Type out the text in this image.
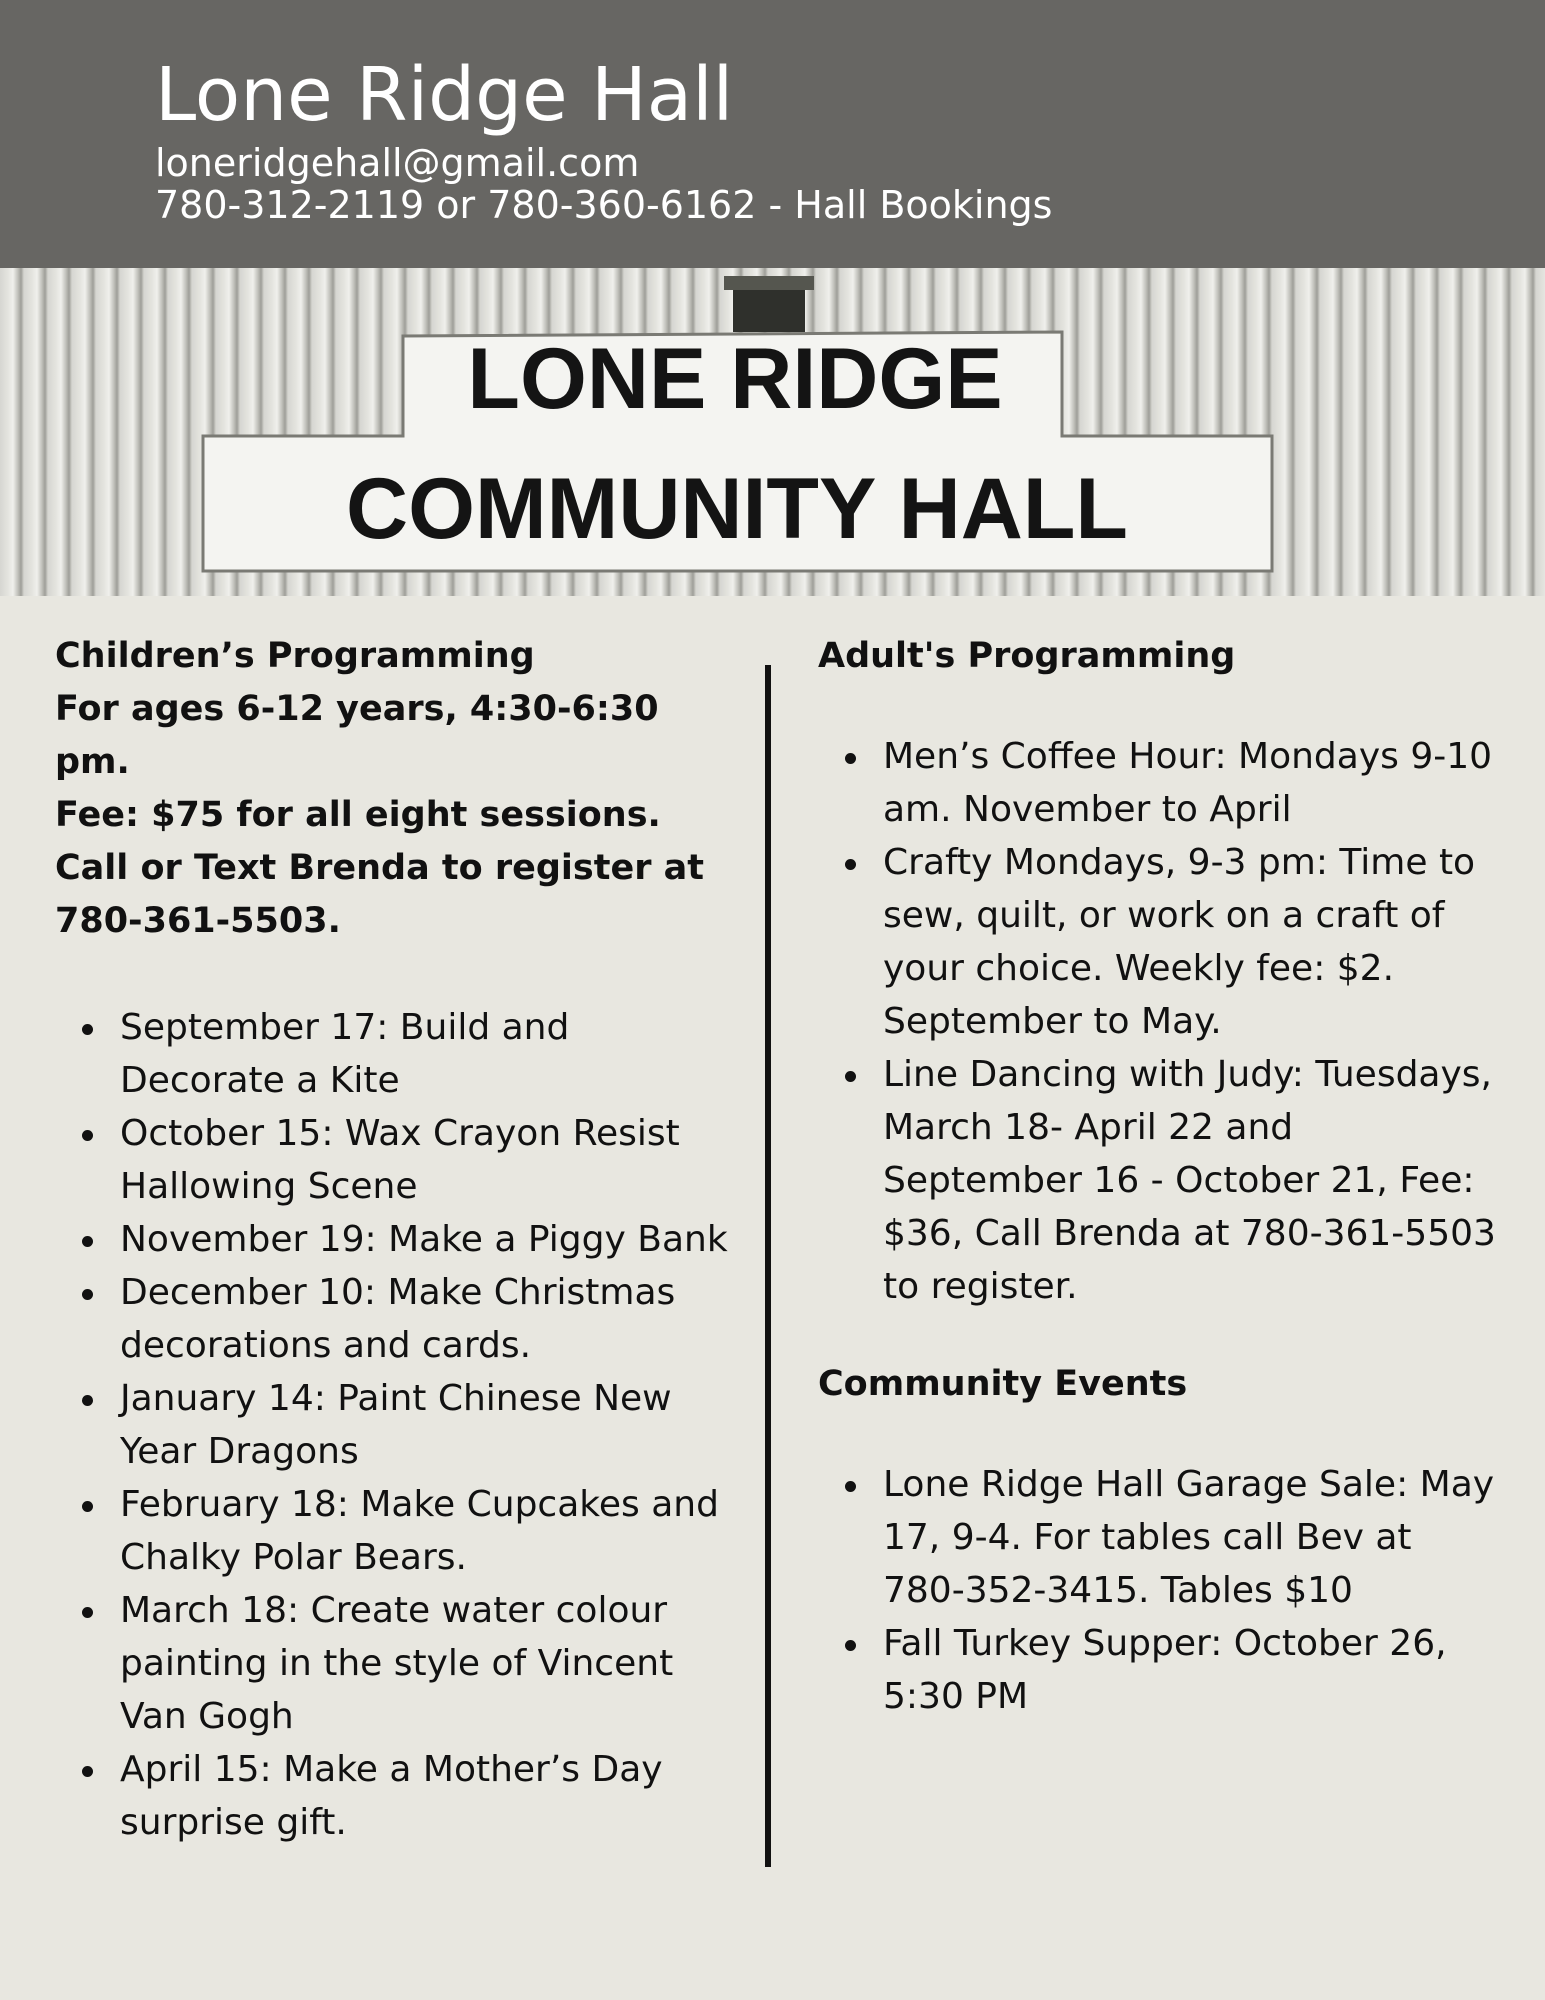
Lone Ridge Hall
loneridgehall@gmail.com
780-312-2119 or 780-360-6162 - Hall Bookings
LONE RIDGE
COMMUNITY HALL
Children’s Programming
For ages 6-12 years, 4:30-6:30 pm.
Fee: $75 for all eight sessions.
Call or Text Brenda to register at
780-361-5503.
September 17: Build and Decorate a Kite
October 15: Wax Crayon Resist Hallowing Scene
November 19: Make a Piggy Bank
December 10: Make Christmas decorations and cards.
January 14: Paint Chinese New Year Dragons
February 18: Make Cupcakes and Chalky Polar Bears.
March 18: Create water colour painting in the style of Vincent Van Gogh
April 15: Make a Mother’s Day surprise gift.
Adult's Programming
Men’s Coffee Hour: Mondays 9-10 am. November to April
Crafty Mondays, 9-3 pm: Time to sew, quilt, or work on a craft of your choice. Weekly fee: $2. September to May.
Line Dancing with Judy: Tuesdays, March 18- April 22 and September 16 - October 21, Fee: $36, Call Brenda at 780-361-5503 to register.
Community Events
Lone Ridge Hall Garage Sale: May 17, 9-4. For tables call Bev at 780-352-3415. Tables $10
Fall Turkey Supper: October 26, 5:30 PM
